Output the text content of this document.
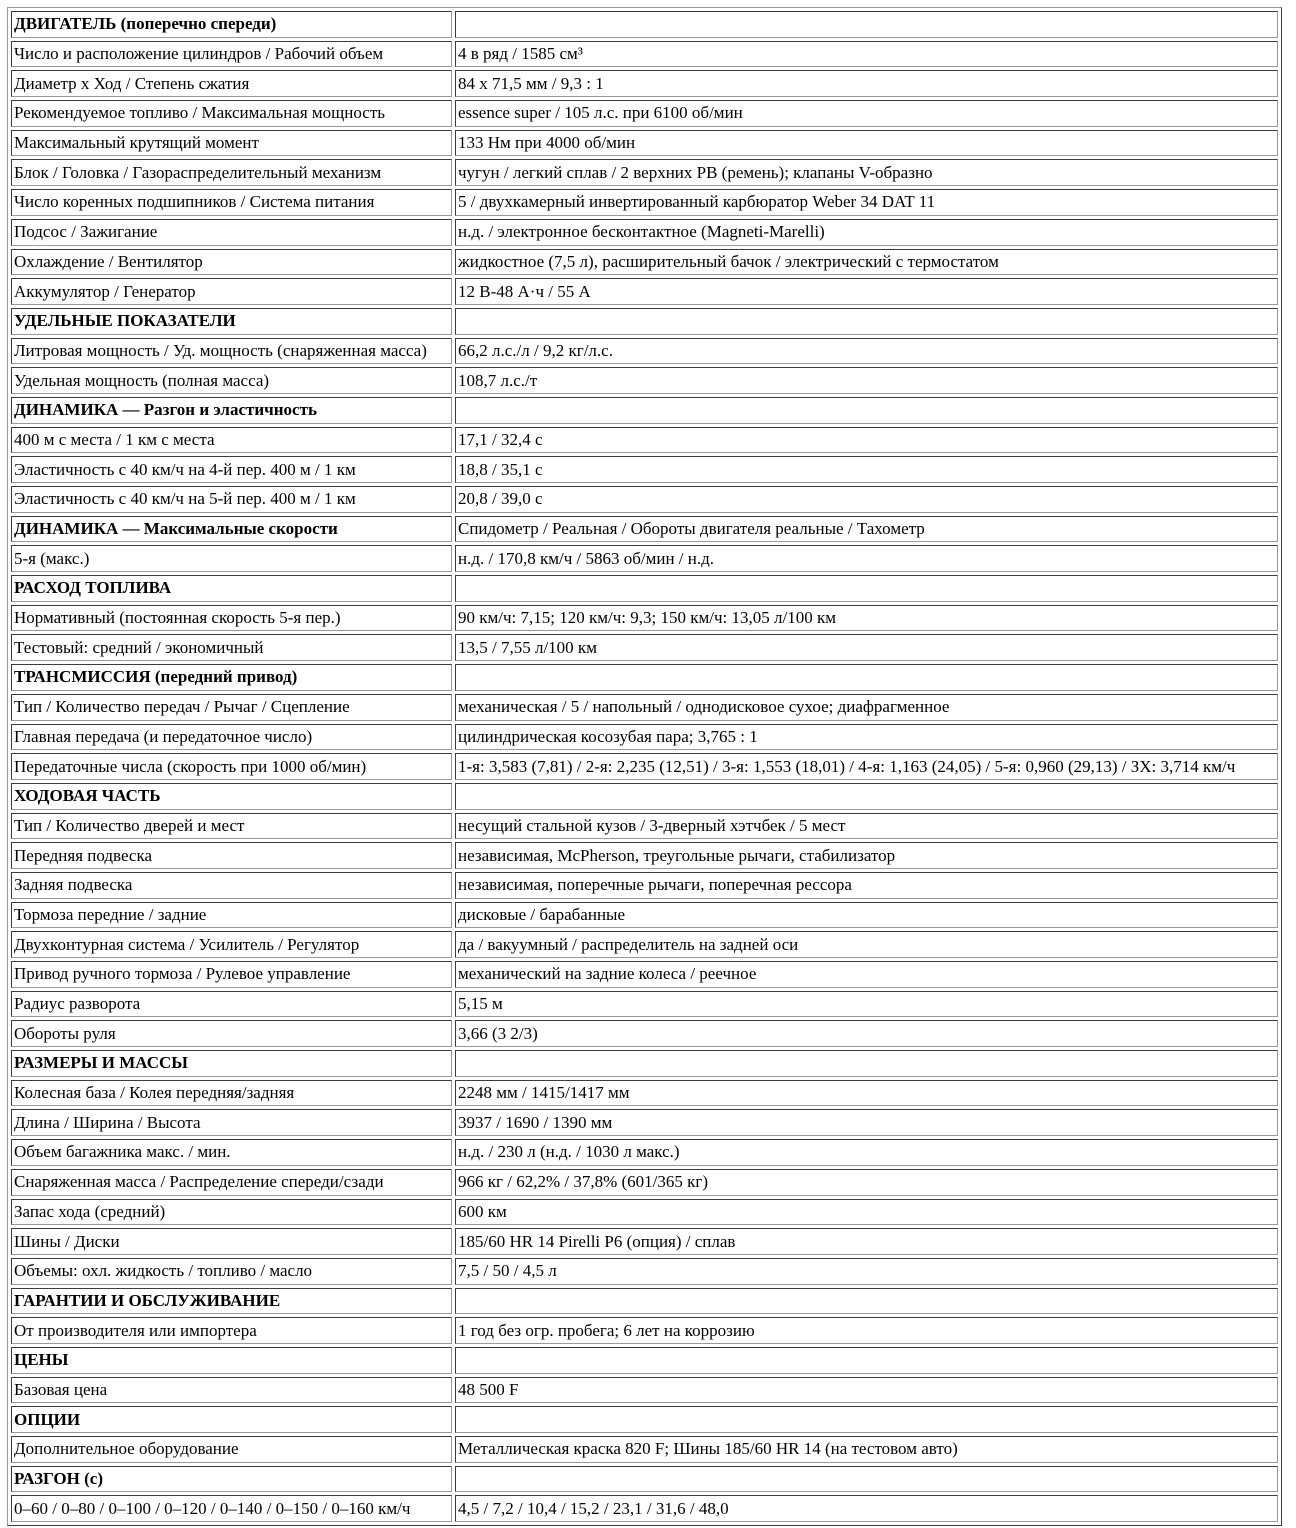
ДВИГАТЕЛЬ (поперечно спереди)	
Число и расположение цилиндров / Рабочий объем	4 в ряд / 1585 см³
Диаметр x Ход / Степень сжатия	84 x 71,5 мм / 9,3 : 1
Рекомендуемое топливо / Максимальная мощность	essence super / 105 л.с. при 6100 об/мин
Максимальный крутящий момент	133 Нм при 4000 об/мин
Блок / Головка / Газораспределительный механизм	чугун / легкий сплав / 2 верхних РВ (ремень); клапаны V-образно
Число коренных подшипников / Система питания	5 / двухкамерный инвертированный карбюратор Weber 34 DAT 11
Подсос / Зажигание	н.д. / электронное бесконтактное (Magneti-Marelli)
Охлаждение / Вентилятор	жидкостное (7,5 л), расширительный бачок / электрический с термостатом
Аккумулятор / Генератор	12 В-48 А·ч / 55 А
УДЕЛЬНЫЕ ПОКАЗАТЕЛИ	
Литровая мощность / Уд. мощность (снаряженная масса)	66,2 л.с./л / 9,2 кг/л.с.
Удельная мощность (полная масса)	108,7 л.с./т
ДИНАМИКА — Разгон и эластичность	
400 м с места / 1 км с места	17,1 / 32,4 с
Эластичность с 40 км/ч на 4-й пер. 400 м / 1 км	18,8 / 35,1 с
Эластичность с 40 км/ч на 5-й пер. 400 м / 1 км	20,8 / 39,0 с
ДИНАМИКА — Максимальные скорости	Спидометр / Реальная / Обороты двигателя реальные / Тахометр
5-я (макс.)	н.д. / 170,8 км/ч / 5863 об/мин / н.д.
РАСХОД ТОПЛИВА	
Нормативный (постоянная скорость 5-я пер.)	90 км/ч: 7,15; 120 км/ч: 9,3; 150 км/ч: 13,05 л/100 км
Тестовый: средний / экономичный	13,5 / 7,55 л/100 км
ТРАНСМИССИЯ (передний привод)	
Тип / Количество передач / Рычаг / Сцепление	механическая / 5 / напольный / однодисковое сухое; диафрагменное
Главная передача (и передаточное число)	цилиндрическая косозубая пара; 3,765 : 1
Передаточные числа (скорость при 1000 об/мин)	1-я: 3,583 (7,81) / 2-я: 2,235 (12,51) / 3-я: 1,553 (18,01) / 4-я: 1,163 (24,05) / 5-я: 0,960 (29,13) / ЗХ: 3,714 км/ч
ХОДОВАЯ ЧАСТЬ	
Тип / Количество дверей и мест	несущий стальной кузов / 3-дверный хэтчбек / 5 мест
Передняя подвеска	независимая, McPherson, треугольные рычаги, стабилизатор
Задняя подвеска	независимая, поперечные рычаги, поперечная рессора
Тормоза передние / задние	дисковые / барабанные
Двухконтурная система / Усилитель / Регулятор	да / вакуумный / распределитель на задней оси
Привод ручного тормоза / Рулевое управление	механический на задние колеса / реечное
Радиус разворота	5,15 м
Обороты руля	3,66 (3 2/3)
РАЗМЕРЫ И МАССЫ	
Колесная база / Колея передняя/задняя	2248 мм / 1415/1417 мм
Длина / Ширина / Высота	3937 / 1690 / 1390 мм
Объем багажника макс. / мин.	н.д. / 230 л (н.д. / 1030 л макс.)
Снаряженная масса / Распределение спереди/сзади	966 кг / 62,2% / 37,8% (601/365 кг)
Запас хода (средний)	600 км
Шины / Диски	185/60 HR 14 Pirelli P6 (опция) / сплав
Объемы: охл. жидкость / топливо / масло	7,5 / 50 / 4,5 л
ГАРАНТИИ И ОБСЛУЖИВАНИЕ	
От производителя или импортера	1 год без огр. пробега; 6 лет на коррозию
ЦЕНЫ	
Базовая цена	48 500 F
ОПЦИИ	
Дополнительное оборудование	Металлическая краска 820 F; Шины 185/60 HR 14 (на тестовом авто)
РАЗГОН (с)	
0–60 / 0–80 / 0–100 / 0–120 / 0–140 / 0–150 / 0–160 км/ч	4,5 / 7,2 / 10,4 / 15,2 / 23,1 / 31,6 / 48,0
